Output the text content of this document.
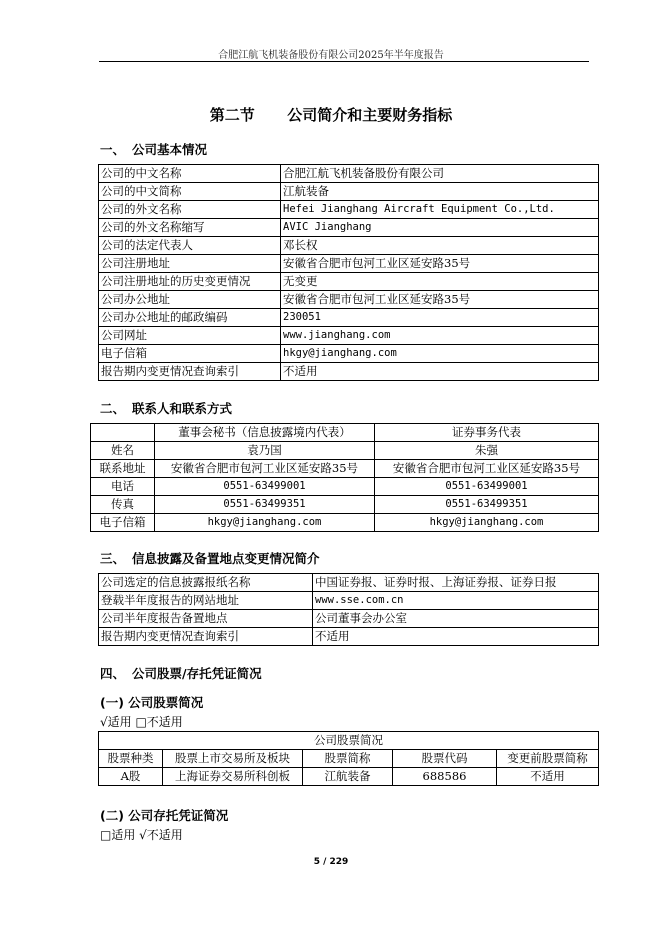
合肥江航飞机装备股份有限公司2025年半年度报告
第二节 公司简介和主要财务指标
一、 公司基本情况
公司的中文名称	合肥江航飞机装备股份有限公司
公司的中文简称	江航装备
公司的外文名称	Hefei Jianghang Aircraft Equipment Co.,Ltd.
公司的外文名称缩写	AVIC Jianghang
公司的法定代表人	邓长权
公司注册地址	安徽省合肥市包河工业区延安路35号
公司注册地址的历史变更情况	无变更
公司办公地址	安徽省合肥市包河工业区延安路35号
公司办公地址的邮政编码	230051
公司网址	www.jianghang.com
电子信箱	hkgy@jianghang.com
报告期内变更情况查询索引	不适用
二、 联系人和联系方式
	董事会秘书（信息披露境内代表）	证券事务代表
姓名	袁乃国	朱强
联系地址	安徽省合肥市包河工业区延安路35号	安徽省合肥市包河工业区延安路35号
电话	0551-63499001	0551-63499001
传真	0551-63499351	0551-63499351
电子信箱	hkgy@jianghang.com	hkgy@jianghang.com
三、 信息披露及备置地点变更情况简介
公司选定的信息披露报纸名称	中国证券报、证券时报、上海证券报、证券日报
登载半年度报告的网站地址	www.sse.com.cn
公司半年度报告备置地点	公司董事会办公室
报告期内变更情况查询索引	不适用
四、 公司股票/存托凭证简况
(一) 公司股票简况
√适用 □不适用
公司股票简况				
股票种类	股票上市交易所及板块	股票简称	股票代码	变更前股票简称
A股	上海证券交易所科创板	江航装备	688586	不适用
(二) 公司存托凭证简况
□适用 √不适用
5 / 229
